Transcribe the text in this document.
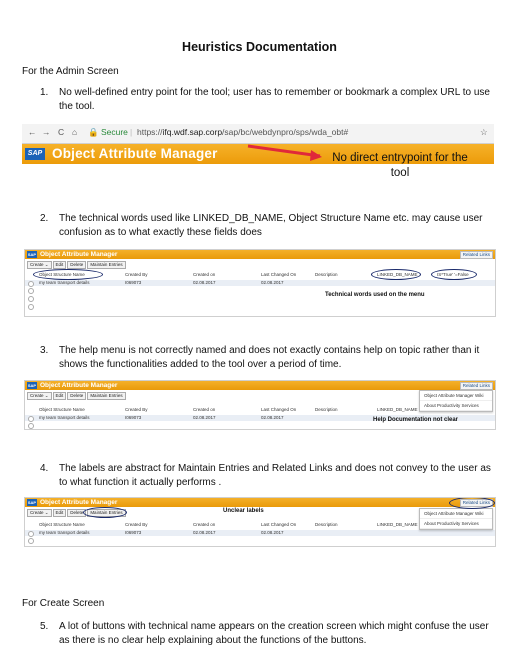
Heuristics Documentation
For the Admin Screen
1. No well-defined entry point for the tool; user has to remember or bookmark a complex URL to use the tool.
← → C ⌂ 🔒 Secure | https://ifq.wdf.sap.corp/sap/bc/webdynpro/sps/wda_obt#	☆
SAP Object Attribute Manager	No direct entrypoint for the tool
2. The technical words used like LINKED_DB_NAME, Object Structure Name etc. may cause user confusion as to what exactly these fields does
SAP Object Attribute Manager	Related Links
Create ⌄ Edit Delete Maintain Entries
Object Structure Name	Created By	Created on	Last Changed On	Description	LINKED_DB_NAME	IS*True' '=False
my team transport details	I069073	02.08.2017	02.08.2017
Technical words used on the menu
3. The help menu is not correctly named and does not exactly contains help on topic rather than it shows the functionalities added to the tool over a period of time.
SAP Object Attribute Manager	Related Links
Create ⌄ Edit Delete Maintain Entries
Object Structure Name	Created By	Created on	Last Changed On	Description	LINKED_DB_NAME
my team transport details	I069073	02.08.2017	02.08.2017
Object Attribute Manager Wiki
About Productivity Services
Help Documentation not clear
4. The labels are abstract for Maintain Entries and Related Links and does not convey to the user as to what function it actually performs .
SAP Object Attribute Manager	Related Links
Create ⌄ Edit Delete Maintain Entries
Object Structure Name	Created By	Created on	Last Changed On	Description	LINKED_DB_NAME
my team transport details	I069073	02.08.2017	02.08.2017
Object Attribute Manager Wiki
About Productivity Services
Unclear labels
For Create Screen
5. A lot of buttons with technical name appears on the creation screen which might confuse the user as there is no clear help explaining about the functions of the buttons.
